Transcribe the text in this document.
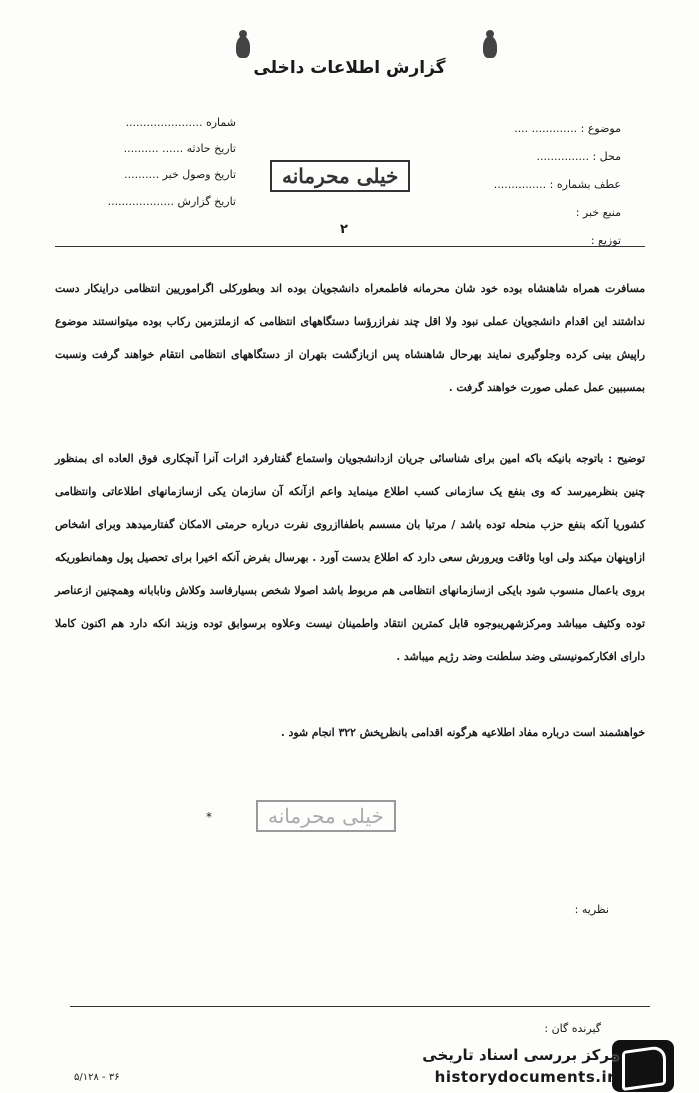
گزارش اطلاعات داخلی
موضوع : ............. ....
محل : ...............
عطف بشماره : ...............
منبع خبر :
توزیع :
شماره ......................
تاریخ حادثه ...... ..........
تاریخ وصول خبر ..........
تاریخ گزارش ...................
خیلی محرمانه
۲
مسافرت همراه شاهنشاه بوده خود شان محرمانه فاطمعراه دانشجویان بوده اند وبطورکلی اگراموریین انتظامی دراینکار دست نداشتند این اقدام دانشجویان عملی نبود ولا اقل چند نفرازرؤسا دستگاههای انتظامی که ازملتزمین رکاب بوده میتوانستند موضوع راپیش بینی کرده وجلوگیری نمایند بهرحال شاهنشاه پس ازبازگشت بتهران از دستگاههای انتظامی انتقام خواهند گرفت ونسبت بمسببین عمل عملی صورت خواهند گرفت .
توضیح : باتوجه بانیکه باکه امین برای شناسائی جریان ازدانشجویان واستماع گفتارفرد اثرات آنرا آنچکاری فوق العاده ای بمنظور چنین بنظرمیرسد که وی بنفع یک سازمانی کسب اطلاع مینماید واعم ازآنکه آن سازمان یکی ازسازمانهای اطلاعاتی وانتظامی کشوریا آنکه بنفع حزب منحله توده باشد / مرتبا بان مسسم باطفاازروی نفرت درباره حرمتی الامکان گفتارمیدهد وبرای اشخاص ازاوپنهان میکند ولی اوبا وثاقت ویرورش سعی دارد که اطلاع بدست آورد . بهرسال بفرض آنکه اخیرا برای تحصیل پول وهمانطوریکه بروی باعمال منسوب شود بایکی ازسازمانهای انتظامی هم مربوط باشد اصولا شخص بسیارفاسد وکلاش ونابابانه وهمچنین ازعناصر توده وکثیف میباشد ومرکزشهریبوجوه قابل کمترین انتقاد واطمینان نیست وعلاوه برسوابق توده وزبند انکه دارد هم اکنون کاملا دارای افکارکمونیستی وضد سلطنت وضد رژیم میباشد .
خواهشمند است درباره مفاد اطلاعیه هرگونه اقدامی بانظرپخش ۳۲۲ انجام شود .
خیلی محرمانه
*
نظریه :
گیرنده گان :
۵/۱۲۸ - ۳۶
مرکز بررسی اسناد تاریخی
historydocuments.ir
